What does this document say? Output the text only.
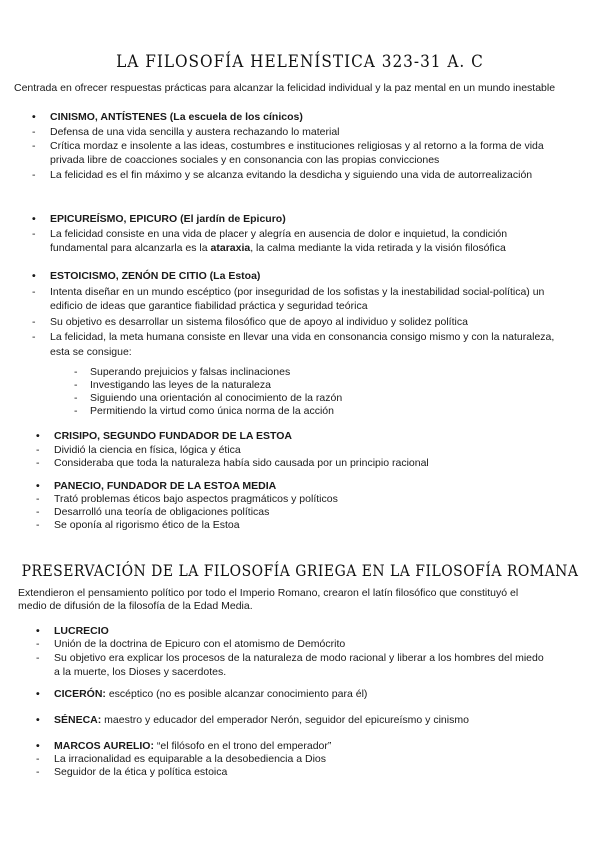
LA FILOSOFÍA HELENÍSTICA 323-31 A. C
Centrada en ofrecer respuestas prácticas para alcanzar la felicidad individual y la paz mental en un mundo inestable
• CINISMO, ANTÍSTENES (La escuela de los cínicos)
- Defensa de una vida sencilla y austera rechazando lo material
- Crítica mordaz e insolente a las ideas, costumbres e instituciones religiosas y al retorno a la forma de vida
privada libre de coacciones sociales y en consonancia con las propias convicciones
- La felicidad es el fin máximo y se alcanza evitando la desdicha y siguiendo una vida de autorrealización
• EPICUREÍSMO, EPICURO (El jardín de Epicuro)
- La felicidad consiste en una vida de placer y alegría en ausencia de dolor e inquietud, la condición
fundamental para alcanzarla es la ataraxia, la calma mediante la vida retirada y la visión filosófica
• ESTOICISMO, ZENÓN DE CITIO (La Estoa)
- Intenta diseñar en un mundo escéptico (por inseguridad de los sofistas y la inestabilidad social-política) un
edificio de ideas que garantice fiabilidad práctica y seguridad teórica
- Su objetivo es desarrollar un sistema filosófico que de apoyo al individuo y solidez política
- La felicidad, la meta humana consiste en llevar una vida en consonancia consigo mismo y con la naturaleza,
esta se consigue:
- Superando prejuicios y falsas inclinaciones
- Investigando las leyes de la naturaleza
- Siguiendo una orientación al conocimiento de la razón
- Permitiendo la virtud como única norma de la acción
• CRISIPO, SEGUNDO FUNDADOR DE LA ESTOA
- Dividió la ciencia en física, lógica y ética
- Consideraba que toda la naturaleza había sido causada por un principio racional
• PANECIO, FUNDADOR DE LA ESTOA MEDIA
- Trató problemas éticos bajo aspectos pragmáticos y políticos
- Desarrolló una teoría de obligaciones políticas
- Se oponía al rigorismo ético de la Estoa
PRESERVACIÓN DE LA FILOSOFÍA GRIEGA EN LA FILOSOFÍA ROMANA
Extendieron el pensamiento político por todo el Imperio Romano, crearon el latín filosófico que constituyó el
medio de difusión de la filosofía de la Edad Media.
• LUCRECIO
- Unión de la doctrina de Epicuro con el atomismo de Demócrito
- Su objetivo era explicar los procesos de la naturaleza de modo racional y liberar a los hombres del miedo
a la muerte, los Dioses y sacerdotes.
• CICERÓN: escéptico (no es posible alcanzar conocimiento para él)
• SÉNECA: maestro y educador del emperador Nerón, seguidor del epicureísmo y cinismo
• MARCOS AURELIO: “el filósofo en el trono del emperador”
- La irracionalidad es equiparable a la desobediencia a Dios
- Seguidor de la ética y política estoica
